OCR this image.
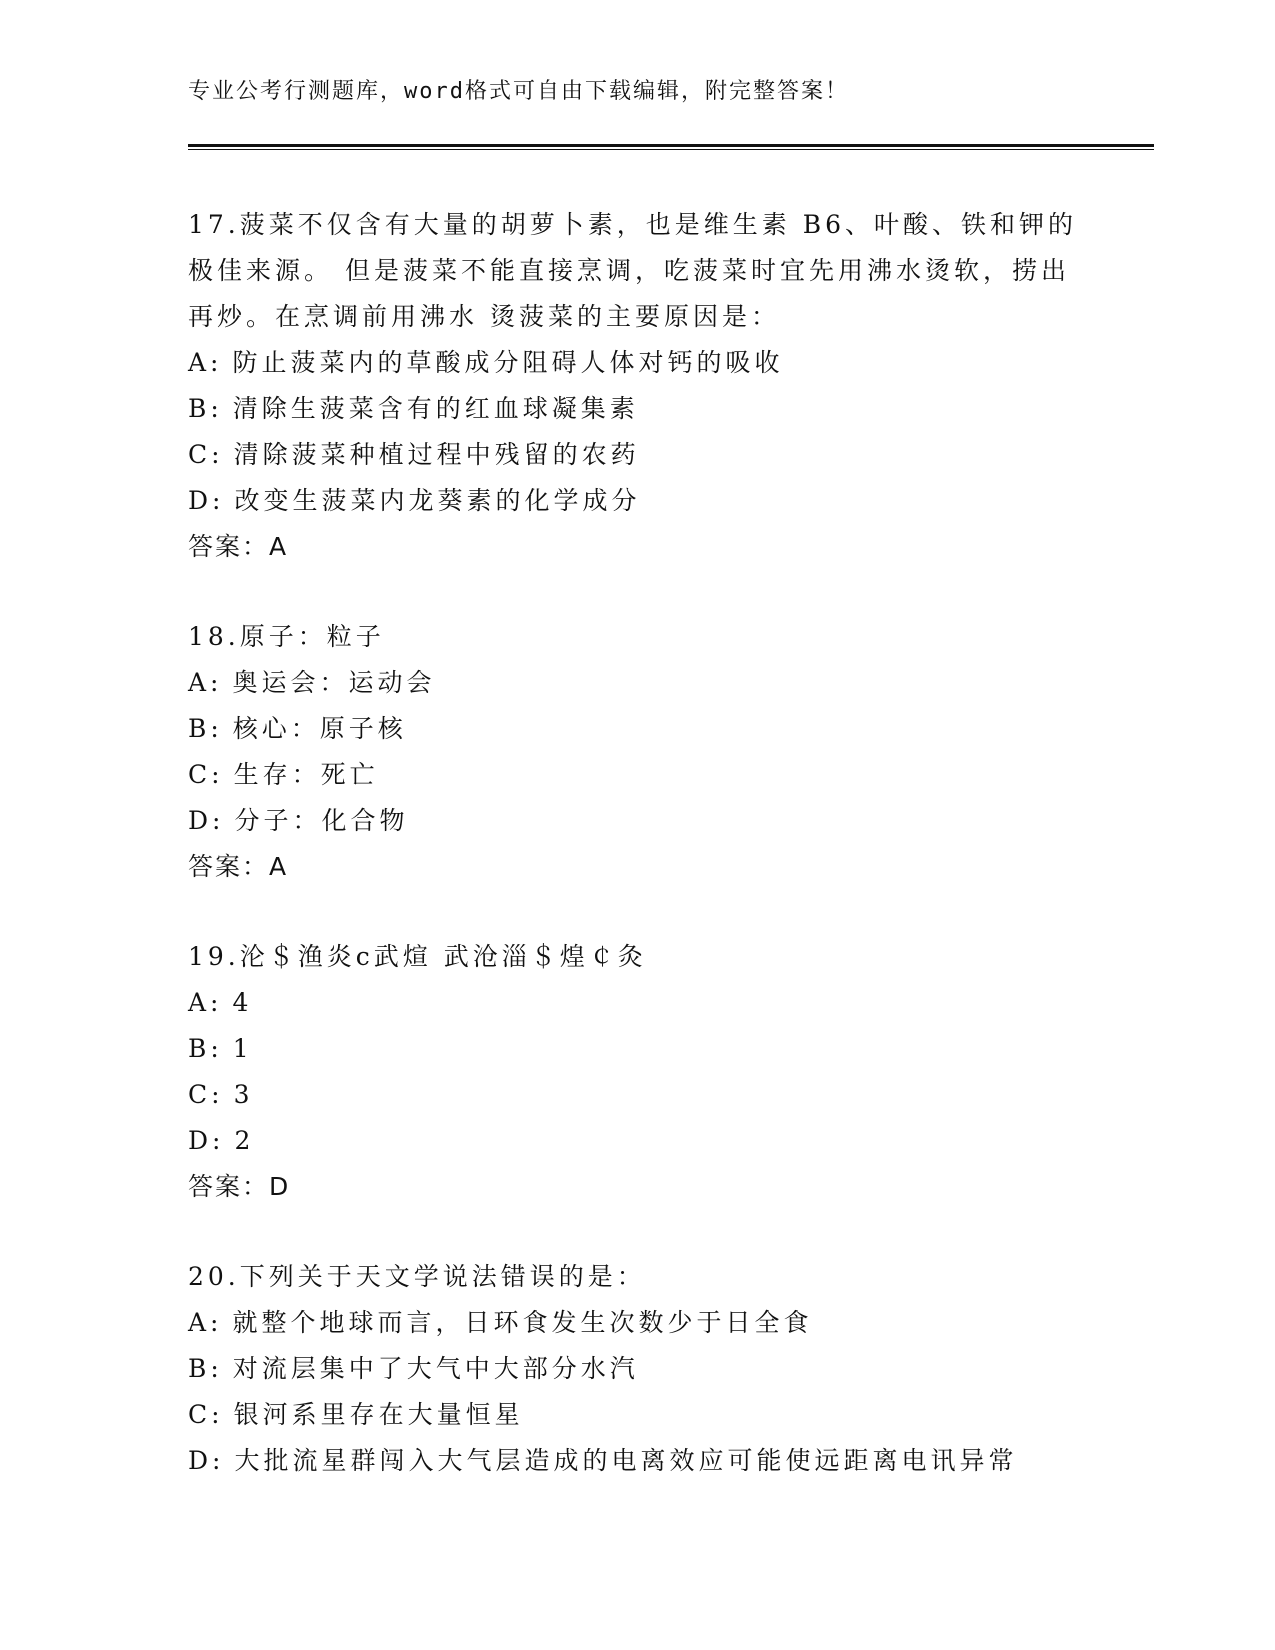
专业公考行测题库，word格式可自由下载编辑，附完整答案！

17.菠菜不仅含有大量的胡萝卜素，也是维生素 B6、叶酸、铁和钾的极佳来源。 但是菠菜不能直接烹调，吃菠菜时宜先用沸水烫软，捞出再炒。在烹调前用沸水 烫菠菜的主要原因是：

A: 防止菠菜内的草酸成分阻碍人体对钙的吸收
B: 清除生菠菜含有的红血球凝集素
C: 清除菠菜种植过程中残留的农药
D: 改变生菠菜内龙葵素的化学成分
答案：A

18.原子：粒子

A: 奥运会：运动会
B: 核心：原子核
C: 生存：死亡
D: 分子：化合物
答案：A

19.沦＄渔炎c武煊 武沧淄＄煌￠灸

A: 4
B: 1
C: 3
D: 2
答案：D

20.下列关于天文学说法错误的是：

A: 就整个地球而言，日环食发生次数少于日全食
B: 对流层集中了大气中大部分水汽
C: 银河系里存在大量恒星
D: 大批流星群闯入大气层造成的电离效应可能使远距离电讯异常
